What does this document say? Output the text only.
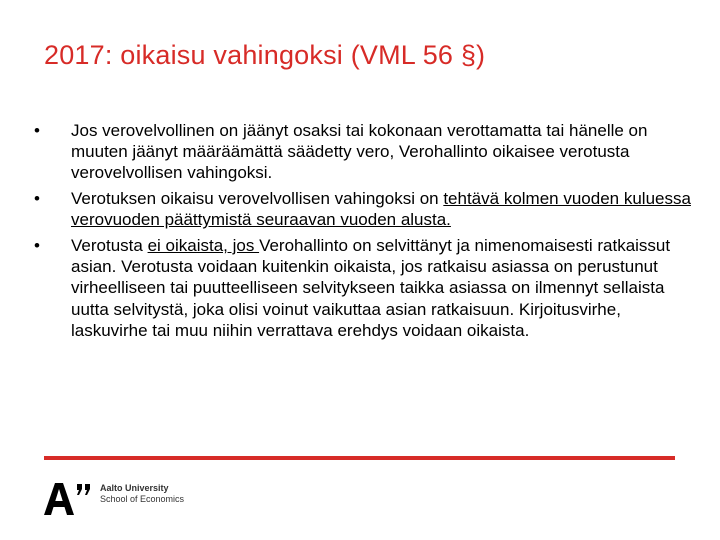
2017: oikaisu vahingoksi (VML 56 §)
•	Jos verovelvollinen on jäänyt osaksi tai kokonaan verottamatta tai hänelle on muuten jäänyt määräämättä säädetty vero, Verohallinto oikaisee verotusta verovelvollisen vahingoksi.
•	Verotuksen oikaisu verovelvollisen vahingoksi on tehtävä kolmen vuoden kuluessa verovuoden päättymistä seuraavan vuoden alusta.
•	Verotusta ei oikaista, jos Verohallinto on selvittänyt ja nimenomaisesti ratkaissut asian. Verotusta voidaan kuitenkin oikaista, jos ratkaisu asiassa on perustunut virheelliseen tai puutteelliseen selvitykseen taikka asiassa on ilmennyt sellaista uutta selvitystä, joka olisi voinut vaikuttaa asian ratkaisuun. Kirjoitusvirhe, laskuvirhe tai muu niihin verrattava erehdys voidaan oikaista.
Aalto University
School of Economics
